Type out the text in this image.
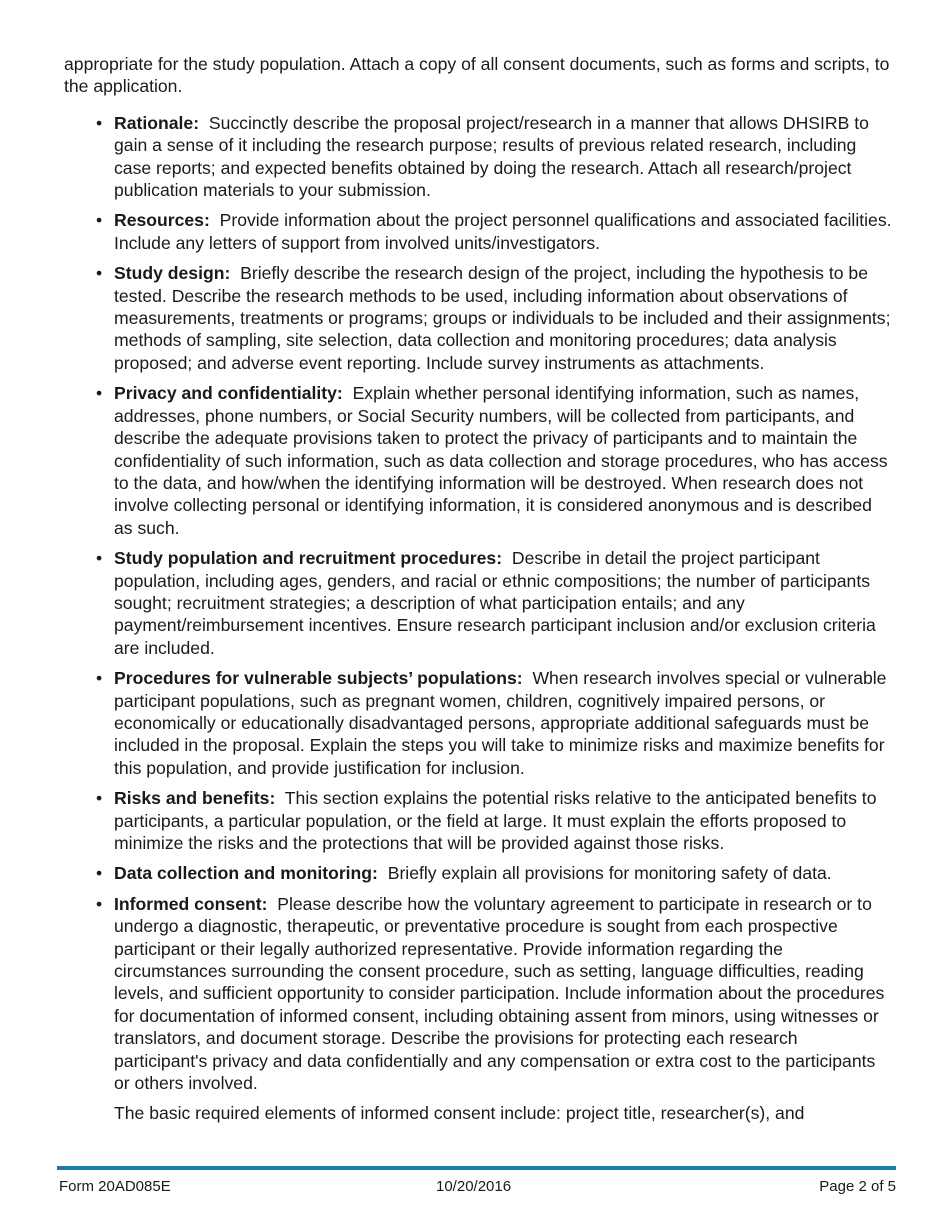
appropriate for the study population. Attach a copy of all consent documents, such as forms and scripts, to the application.

• Rationale: Succinctly describe the proposal project/research in a manner that allows DHSIRB to gain a sense of it including the research purpose; results of previous related research, including case reports; and expected benefits obtained by doing the research. Attach all research/project publication materials to your submission.
• Resources: Provide information about the project personnel qualifications and associated facilities. Include any letters of support from involved units/investigators.
• Study design: Briefly describe the research design of the project, including the hypothesis to be tested. Describe the research methods to be used, including information about observations of measurements, treatments or programs; groups or individuals to be included and their assignments; methods of sampling, site selection, data collection and monitoring procedures; data analysis proposed; and adverse event reporting. Include survey instruments as attachments.
• Privacy and confidentiality: Explain whether personal identifying information, such as names, addresses, phone numbers, or Social Security numbers, will be collected from participants, and describe the adequate provisions taken to protect the privacy of participants and to maintain the confidentiality of such information, such as data collection and storage procedures, who has access to the data, and how/when the identifying information will be destroyed. When research does not involve collecting personal or identifying information, it is considered anonymous and is described as such.
• Study population and recruitment procedures: Describe in detail the project participant population, including ages, genders, and racial or ethnic compositions; the number of participants sought; recruitment strategies; a description of what participation entails; and any payment/reimbursement incentives. Ensure research participant inclusion and/or exclusion criteria are included.
• Procedures for vulnerable subjects’ populations: When research involves special or vulnerable participant populations, such as pregnant women, children, cognitively impaired persons, or economically or educationally disadvantaged persons, appropriate additional safeguards must be included in the proposal. Explain the steps you will take to minimize risks and maximize benefits for this population, and provide justification for inclusion.
• Risks and benefits: This section explains the potential risks relative to the anticipated benefits to participants, a particular population, or the field at large. It must explain the efforts proposed to minimize the risks and the protections that will be provided against those risks.
• Data collection and monitoring: Briefly explain all provisions for monitoring safety of data.
• Informed consent: Please describe how the voluntary agreement to participate in research or to undergo a diagnostic, therapeutic, or preventative procedure is sought from each prospective participant or their legally authorized representative. Provide information regarding the circumstances surrounding the consent procedure, such as setting, language difficulties, reading levels, and sufficient opportunity to consider participation. Include information about the procedures for documentation of informed consent, including obtaining assent from minors, using witnesses or translators, and document storage. Describe the provisions for protecting each research participant's privacy and data confidentially and any compensation or extra cost to the participants or others involved.

The basic required elements of informed consent include: project title, researcher(s), and

Form 20AD085E	10/20/2016	Page 2 of 5
